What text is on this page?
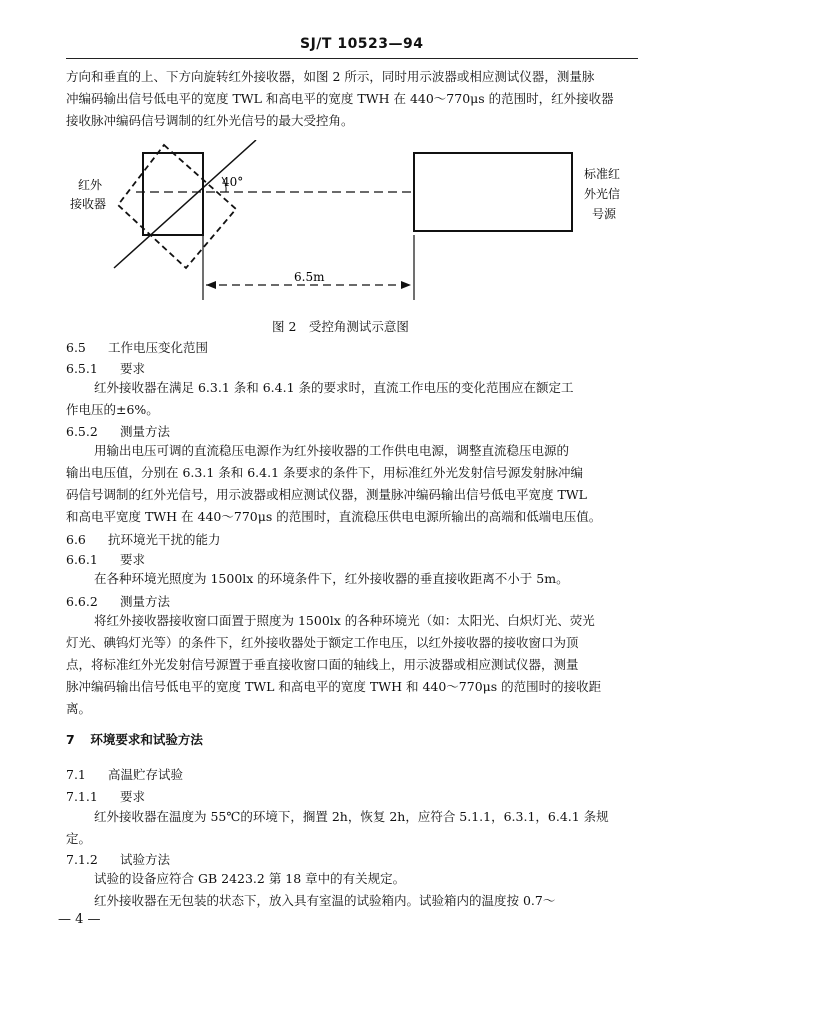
SJ/T 10523—94
方向和垂直的上、下方向旋转红外接收器，如图 2 所示，同时用示波器或相应测试仪器，测量脉
冲编码输出信号低电平的宽度 TWL 和高电平的宽度 TWH 在 440～770μs 的范围时，红外接收器
接收脉冲编码信号调制的红外光信号的最大受控角。
红外
接收器
40°
6.5m
标准红
外光信
号源
图 2　受控角测试示意图
6.5 工作电压变化范围
6.5.1 要求
红外接收器在满足 6.3.1 条和 6.4.1 条的要求时，直流工作电压的变化范围应在额定工
作电压的±6%。
6.5.2 测量方法
用输出电压可调的直流稳压电源作为红外接收器的工作供电电源，调整直流稳压电源的
输出电压值，分别在 6.3.1 条和 6.4.1 条要求的条件下，用标准红外光发射信号源发射脉冲编
码信号调制的红外光信号，用示波器或相应测试仪器，测量脉冲编码输出信号低电平宽度 TWL
和高电平宽度 TWH 在 440～770μs 的范围时，直流稳压供电电源所输出的高端和低端电压值。
6.6 抗环境光干扰的能力
6.6.1 要求
在各种环境光照度为 1500lx 的环境条件下，红外接收器的垂直接收距离不小于 5m。
6.6.2 测量方法
将红外接收器接收窗口面置于照度为 1500lx 的各种环境光（如：太阳光、白炽灯光、荧光
灯光、碘钨灯光等）的条件下，红外接收器处于额定工作电压，以红外接收器的接收窗口为顶
点，将标准红外光发射信号源置于垂直接收窗口面的轴线上，用示波器或相应测试仪器，测量
脉冲编码输出信号低电平的宽度 TWL 和高电平的宽度 TWH 和 440～770μs 的范围时的接收距
离。
7 环境要求和试验方法
7.1 高温贮存试验
7.1.1 要求
红外接收器在温度为 55℃的环境下，搁置 2h，恢复 2h，应符合 5.1.1，6.3.1，6.4.1 条规
定。
7.1.2 试验方法
试验的设备应符合 GB 2423.2 第 18 章中的有关规定。
红外接收器在无包装的状态下，放入具有室温的试验箱内。试验箱内的温度按 0.7～
— 4 —
